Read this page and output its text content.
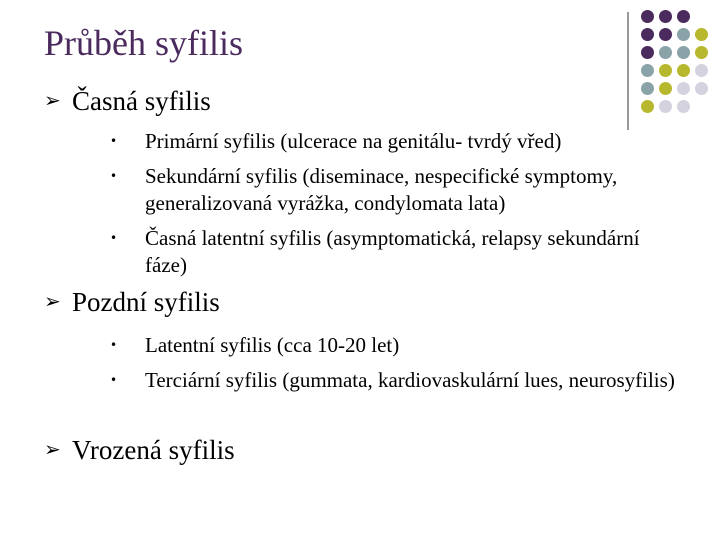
Průběh syfilis
➢ Časná syfilis
• Primární syfilis (ulcerace na genitálu- tvrdý vřed)
• Sekundární syfilis (diseminace, nespecifické symptomy, generalizovaná vyrážka, condylomata lata)
• Časná latentní syfilis (asymptomatická, relapsy sekundární fáze)
➢ Pozdní syfilis
• Latentní syfilis (cca 10-20 let)
• Terciární syfilis (gummata, kardiovaskulární lues, neurosyfilis)
➢ Vrozená syfilis
